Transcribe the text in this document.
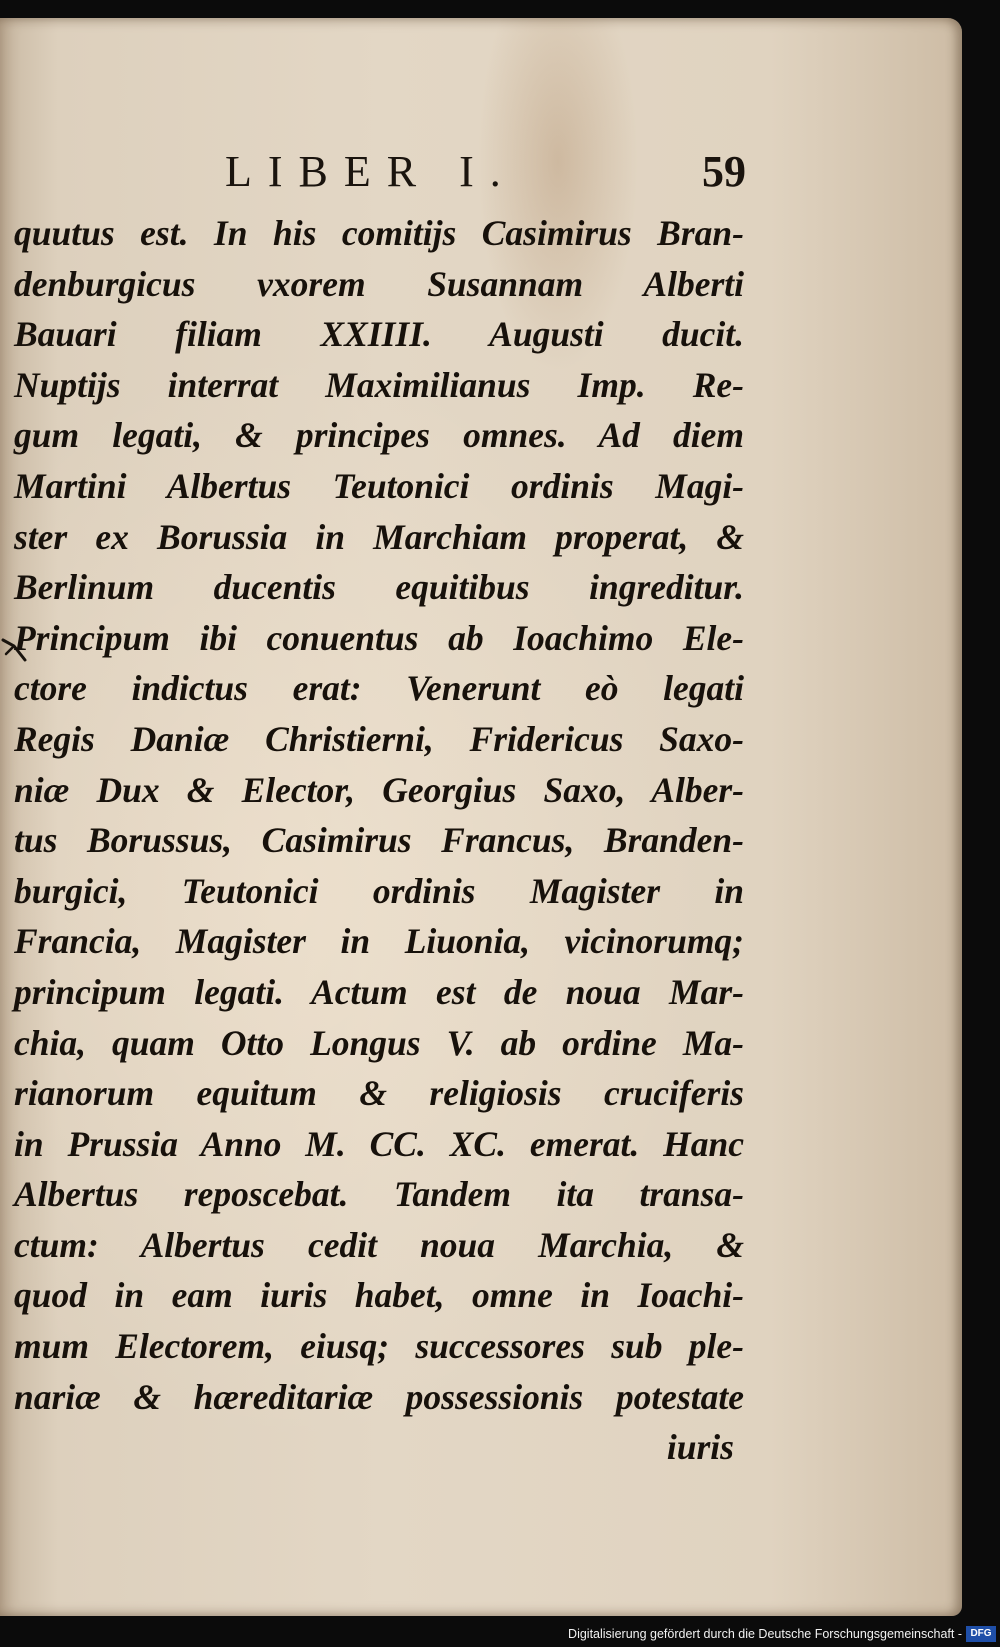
LIBER I.	59
quutus est. In his comitijs Casimirus Bran-
denburgicus vxorem Susannam Alberti
Bauari filiam XXIIII. Augusti ducit.
Nuptijs interrat Maximilianus Imp. Re-
gum legati, & principes omnes. Ad diem
Martini Albertus Teutonici ordinis Magi-
ster ex Borussia in Marchiam properat, &
Berlinum ducentis equitibus ingreditur.
Principum ibi conuentus ab Ioachimo Ele-
ctore indictus erat: Venerunt eò legati
Regis Daniæ Christierni, Fridericus Saxo-
niæ Dux & Elector, Georgius Saxo, Alber-
tus Borussus, Casimirus Francus, Branden-
burgici, Teutonici ordinis Magister in
Francia, Magister in Liuonia, vicinorumq;
principum legati. Actum est de noua Mar-
chia, quam Otto Longus V. ab ordine Ma-
rianorum equitum & religiosis cruciferis
in Prussia Anno M. CC. XC. emerat. Hanc
Albertus reposcebat. Tandem ita transa-
ctum: Albertus cedit noua Marchia, &
quod in eam iuris habet, omne in Ioachi-
mum Electorem, eiusq; successores sub ple-
nariæ & hæreditariæ possessionis potestate
iuris
Digitalisierung gefördert durch die Deutsche Forschungsgemeinschaft - DFG
